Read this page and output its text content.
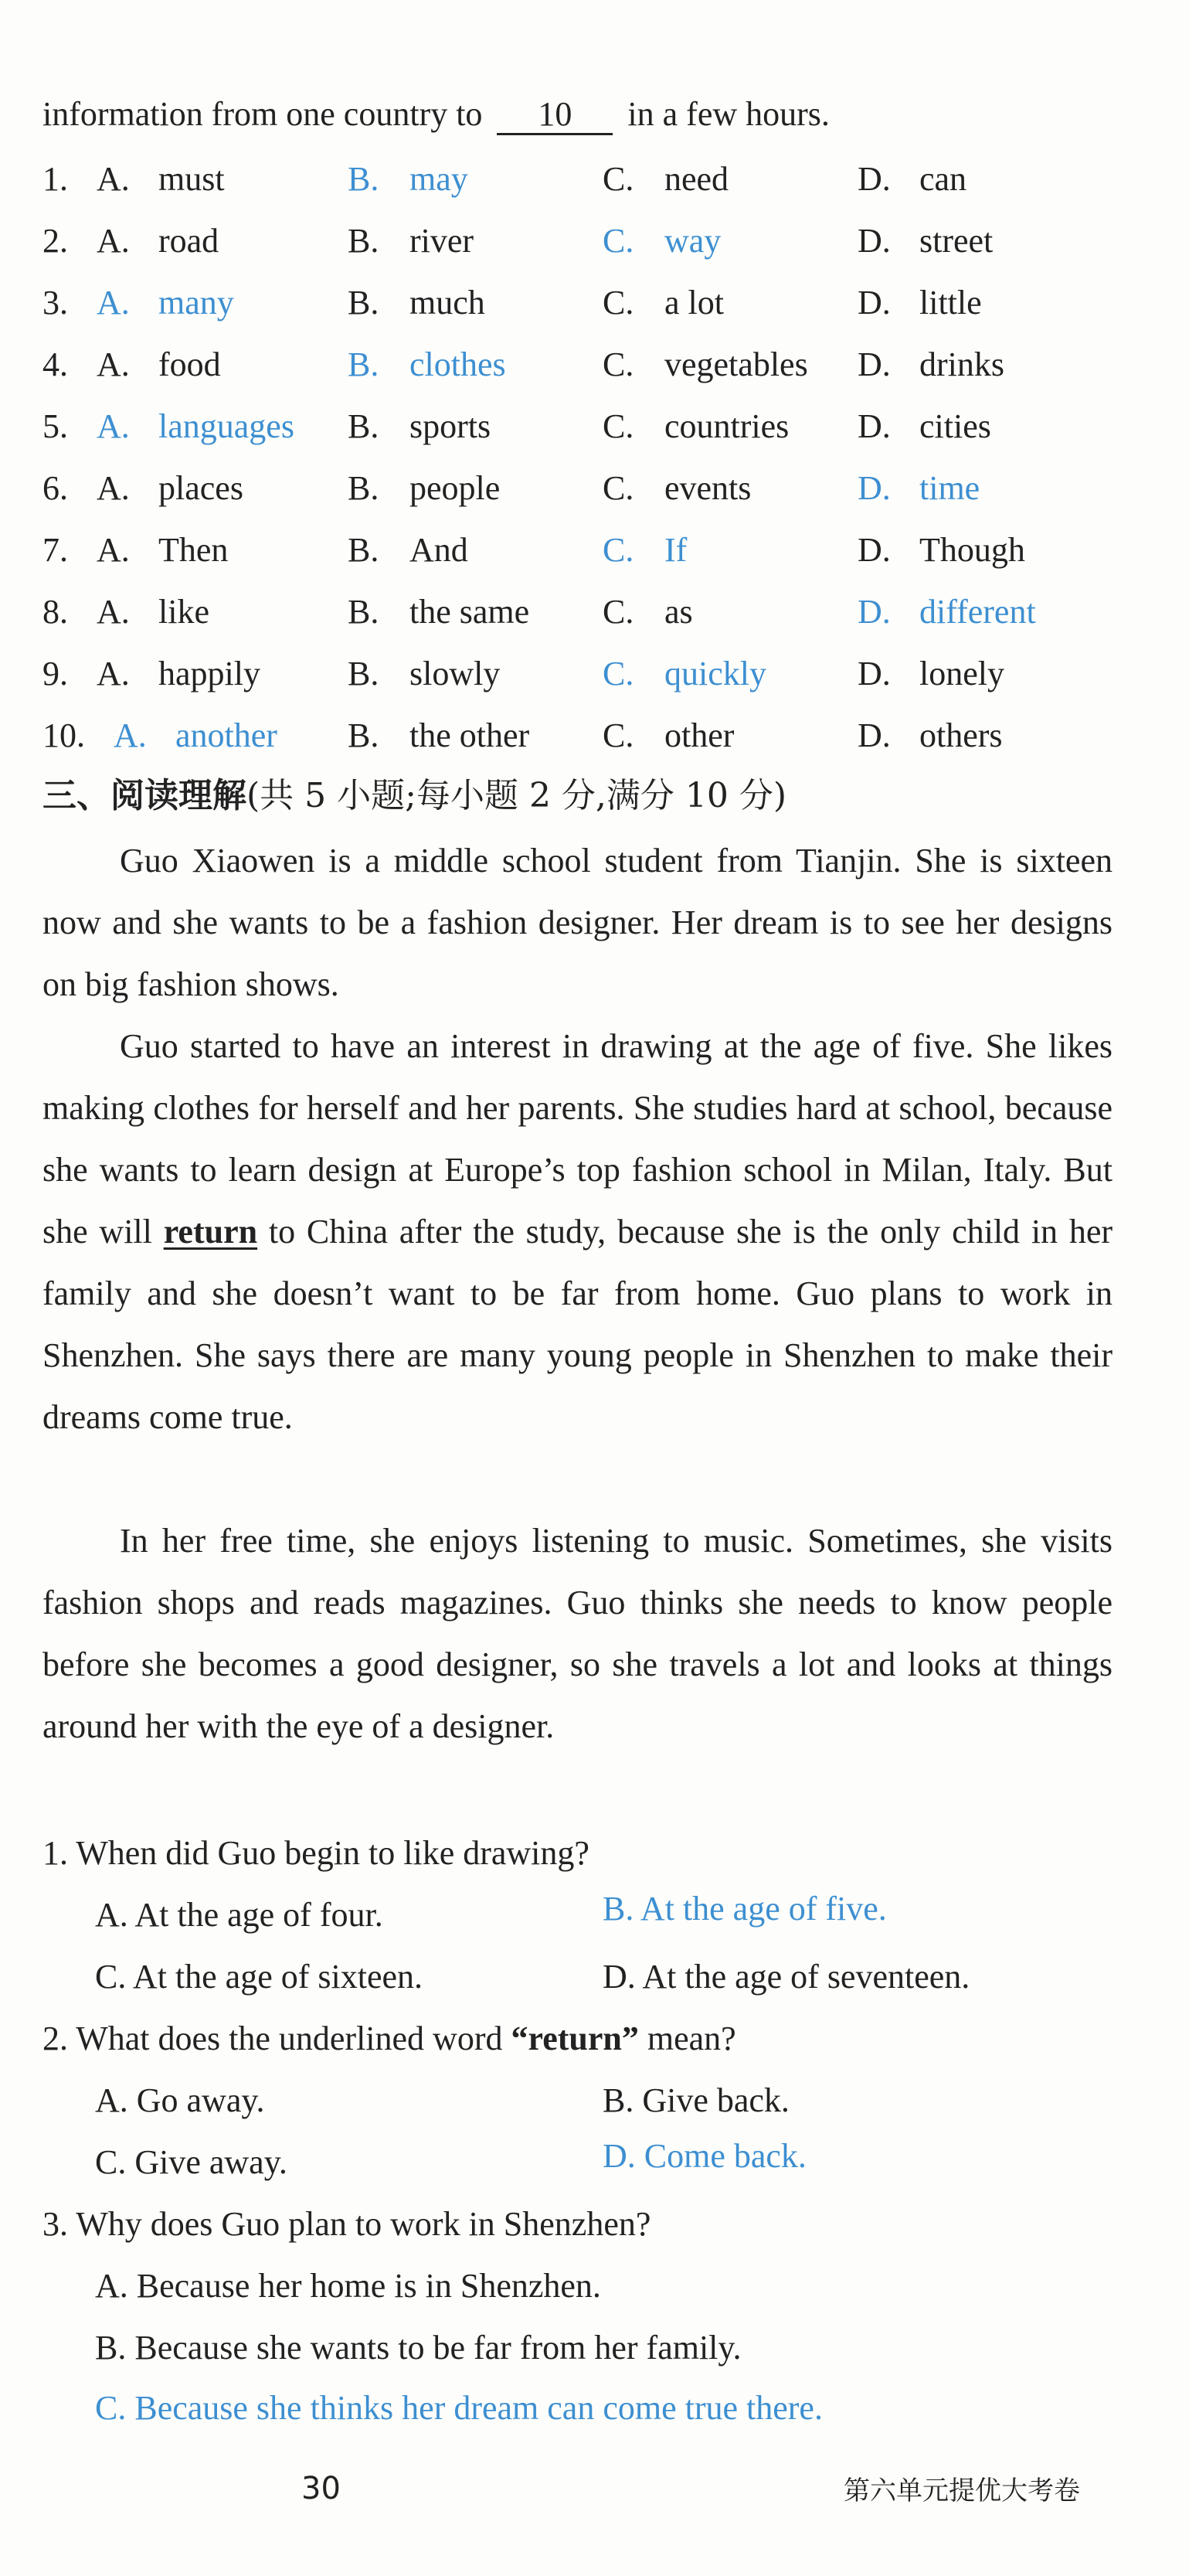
information from one country to 10 in a few hours.
1. A. must	B. may	C. need	D. can
2. A. road	B. river	C. way	D. street
3. A. many	B. much	C. a lot	D. little
4. A. food	B. clothes	C. vegetables D. drinks
5. A. languages B. sports	C. countries D. cities
6. A. places	B. people	C. events	D. time
7. A. Then	B. And	C. If	D. Though
8. A. like	B. the same C. as	D. different
9. A. happily	B. slowly	C. quickly	D. lonely
10. A. another B. the other C. other	D. others
三、阅读理解(共 5 小题;每小题 2 分,满分 10 分)
Guo Xiaowen is a middle school student from Tianjin. She is sixteen now and she wants to be a fashion designer. Her dream is to see her designs on big fashion shows.
Guo started to have an interest in drawing at the age of five. She likes making clothes for herself and her parents. She studies hard at school, because she wants to learn design at Europe’s top fashion school in Milan, Italy. But she will return to China after the study, because she is the only child in her family and she doesn’t want to be far from home. Guo plans to work in Shenzhen. She says there are many young people in Shenzhen to make their dreams come true.
In her free time, she enjoys listening to music. Sometimes, she visits fashion shops and reads magazines. Guo thinks she needs to know people before she becomes a good designer, so she travels a lot and looks at things around her with the eye of a designer.
1. When did Guo begin to like drawing?
A. At the age of four.	B. At the age of five.
C. At the age of sixteen.	D. At the age of seventeen.
2. What does the underlined word “return” mean?
A. Go away.	B. Give back.
C. Give away.	D. Come back.
3. Why does Guo plan to work in Shenzhen?
A. Because her home is in Shenzhen.
B. Because she wants to be far from her family.
C. Because she thinks her dream can come true there.
30	第六单元提优大考卷
